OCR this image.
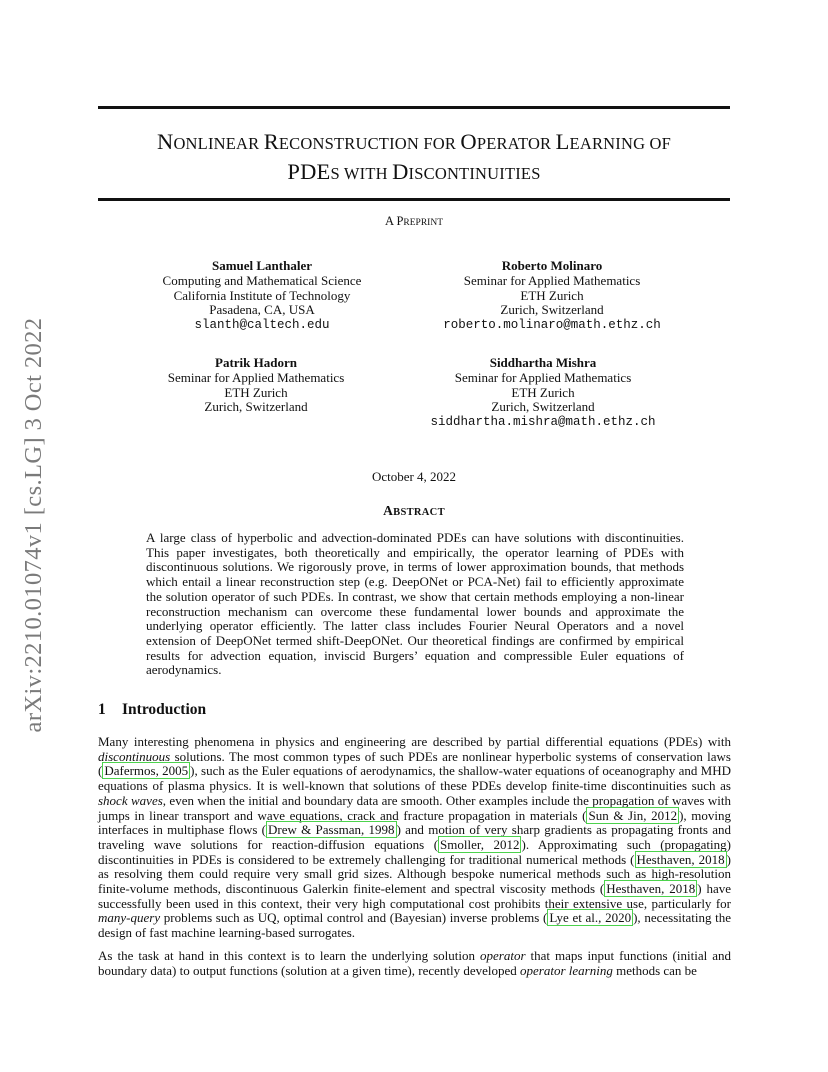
arXiv:2210.01074v1 [cs.LG] 3 Oct 2022
NONLINEAR RECONSTRUCTION FOR OPERATOR LEARNING OF
PDES WITH DISCONTINUITIES
A PREPRINT
Samuel Lanthaler
Computing and Mathematical Science
California Institute of Technology
Pasadena, CA, USA
slanth@caltech.edu
Roberto Molinaro
Seminar for Applied Mathematics
ETH Zurich
Zurich, Switzerland
roberto.molinaro@math.ethz.ch
Patrik Hadorn
Seminar for Applied Mathematics
ETH Zurich
Zurich, Switzerland
Siddhartha Mishra
Seminar for Applied Mathematics
ETH Zurich
Zurich, Switzerland
siddhartha.mishra@math.ethz.ch
October 4, 2022
ABSTRACT
A large class of hyperbolic and advection-dominated PDEs can have solutions with discontinuities. This paper investigates, both theoretically and empirically, the operator learning of PDEs with discontinuous solutions. We rigorously prove, in terms of lower approximation bounds, that methods which entail a linear reconstruction step (e.g. DeepONet or PCA-Net) fail to efficiently approximate the solution operator of such PDEs. In contrast, we show that certain methods employing a non-linear reconstruction mechanism can overcome these fundamental lower bounds and approximate the underlying operator efficiently. The latter class includes Fourier Neural Operators and a novel extension of DeepONet termed shift-DeepONet. Our theoretical findings are confirmed by empirical results for advection equation, inviscid Burgers’ equation and compressible Euler equations of aerodynamics.
1 Introduction
Many interesting phenomena in physics and engineering are described by partial differential equations (PDEs) with discontinuous solutions. The most common types of such PDEs are nonlinear hyperbolic systems of conservation laws ( Dafermos, 2005 ), such as the Euler equations of aerodynamics, the shallow-water equations of oceanography and MHD equations of plasma physics. It is well-known that solutions of these PDEs develop finite-time discontinuities such as shock waves, even when the initial and boundary data are smooth. Other examples include the propagation of waves with jumps in linear transport and wave equations, crack and fracture propagation in materials ( Sun & Jin, 2012 ), moving interfaces in multiphase flows ( Drew & Passman, 1998 ) and motion of very sharp gradients as propagating fronts and traveling wave solutions for reaction-diffusion equations ( Smoller, 2012 ). Approximating such (propagating) discontinuities in PDEs is considered to be extremely challenging for traditional numerical methods ( Hesthaven, 2018 ) as resolving them could require very small grid sizes. Although bespoke numerical methods such as high-resolution finite-volume methods, discontinuous Galerkin finite-element and spectral viscosity methods ( Hesthaven, 2018 ) have successfully been used in this context, their very high computational cost prohibits their extensive use, particularly for many-query problems such as UQ, optimal control and (Bayesian) inverse problems ( Lye et al., 2020 ), necessitating the design of fast machine learning-based surrogates.
As the task at hand in this context is to learn the underlying solution operator that maps input functions (initial and boundary data) to output functions (solution at a given time), recently developed operator learning methods can be
